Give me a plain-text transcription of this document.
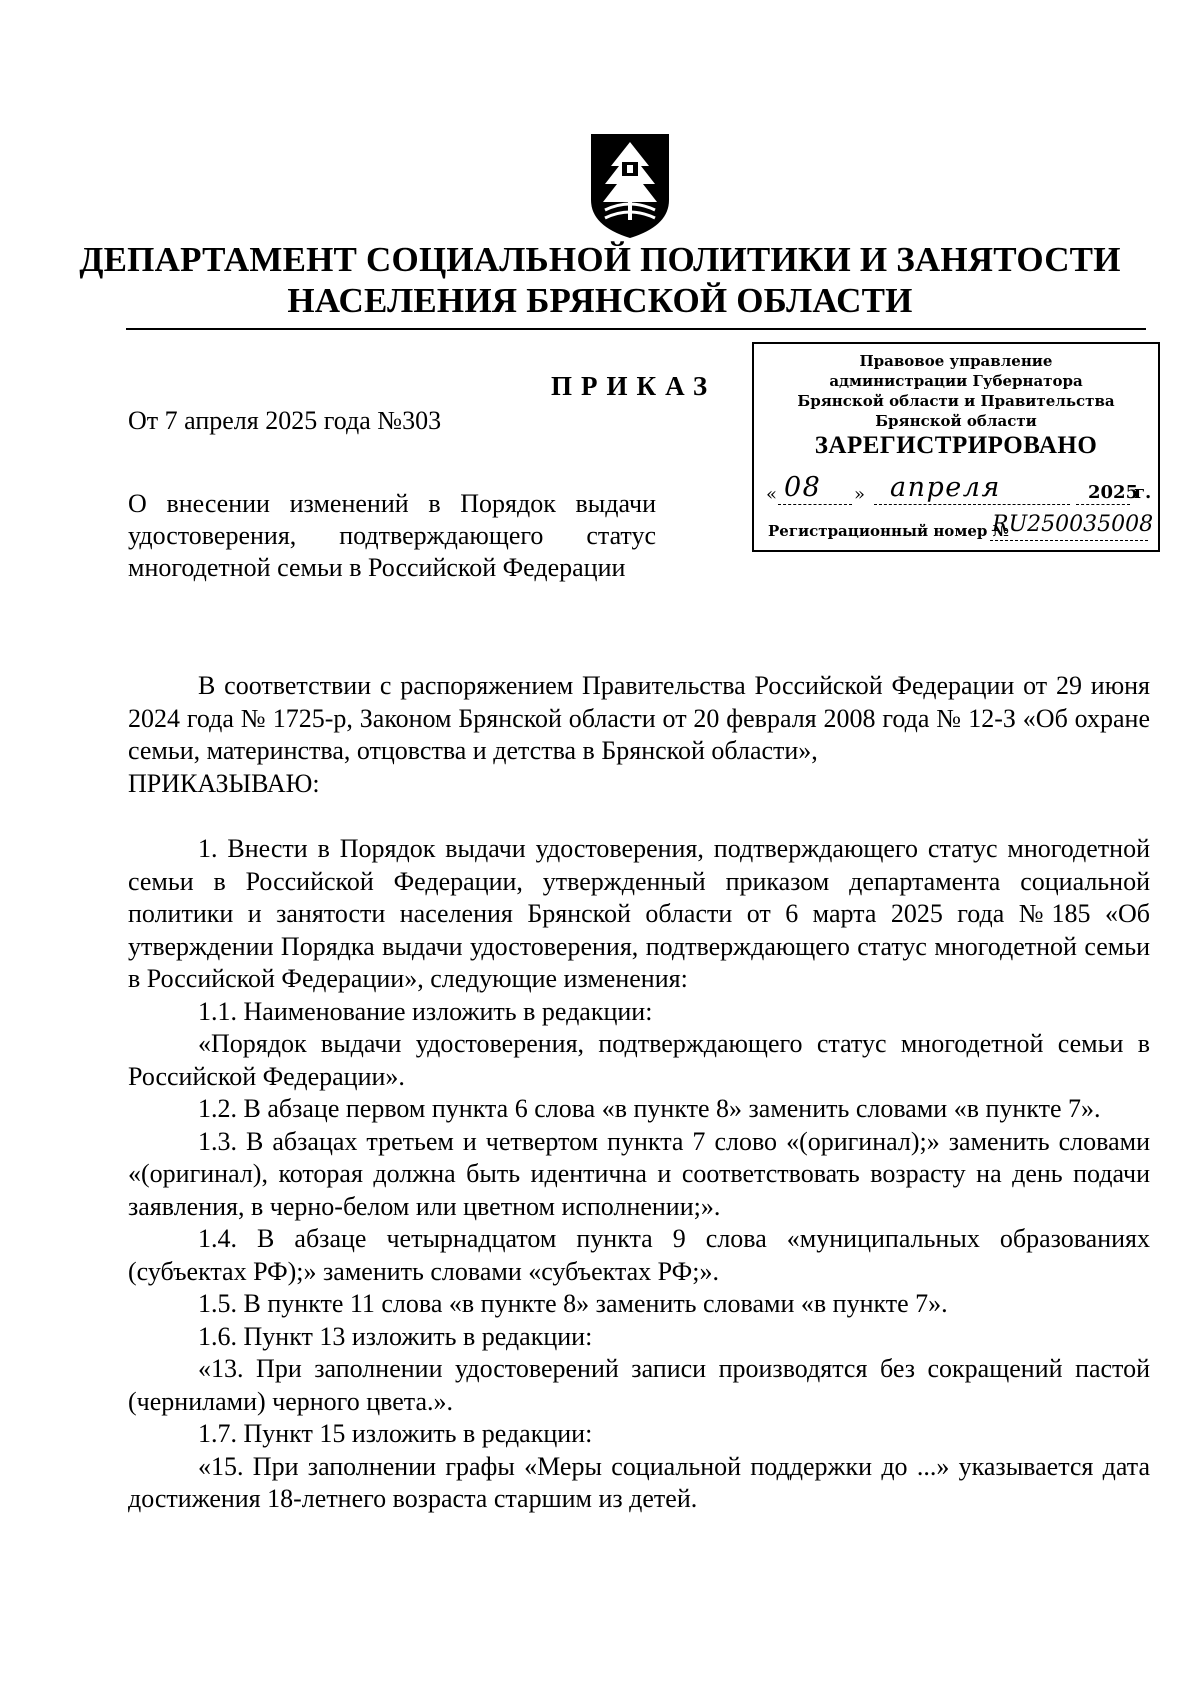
ДЕПАРТАМЕНТ СОЦИАЛЬНОЙ ПОЛИТИКИ И ЗАНЯТОСТИ
НАСЕЛЕНИЯ БРЯНСКОЙ ОБЛАСТИ
ПРИКАЗ
От 7 апреля 2025 года №303
Правовое управление
администрации Губернатора
Брянской области и Правительства
Брянской области
ЗАРЕГИСТРИРОВАНО
« 08 » апреля	2025
г.
Регистрационный номер №
RU250035008
О внесении изменений в Порядок выдачи удостоверения, подтверждающего статус многодетной семьи в Российской Федерации

В соответствии с распоряжением Правительства Российской Федерации от 29 июня 2024 года № 1725-р, Законом Брянской области от 20 февраля 2008 года № 12-З «Об охране семьи, материнства, отцовства и детства в Брянской области»,

ПРИКАЗЫВАЮ:

1. Внести в Порядок выдачи удостоверения, подтверждающего статус многодетной семьи в Российской Федерации, утвержденный приказом департамента социальной политики и занятости населения Брянской области от 6 марта 2025 года №185 «Об утверждении Порядка выдачи удостоверения, подтверждающего статус многодетной семьи в Российской Федерации», следующие изменения:

1.1. Наименование изложить в редакции:

«Порядок выдачи удостоверения, подтверждающего статус многодетной семьи в Российской Федерации».

1.2. В абзаце первом пункта 6 слова «в пункте 8» заменить словами «в пункте 7».

1.3. В абзацах третьем и четвертом пункта 7 слово «(оригинал);» заменить словами «(оригинал), которая должна быть идентична и соответствовать возрасту на день подачи заявления, в черно-белом или цветном исполнении;».

1.4. В абзаце четырнадцатом пункта 9 слова «муниципальных образованиях (субъектах РФ);» заменить словами «субъектах РФ;».

1.5. В пункте 11 слова «в пункте 8» заменить словами «в пункте 7».

1.6. Пункт 13 изложить в редакции:

«13. При заполнении удостоверений записи производятся без сокращений пастой (чернилами) черного цвета.».

1.7. Пункт 15 изложить в редакции:

«15. При заполнении графы «Меры социальной поддержки до ...» указывается дата достижения 18-летнего возраста старшим из детей.
